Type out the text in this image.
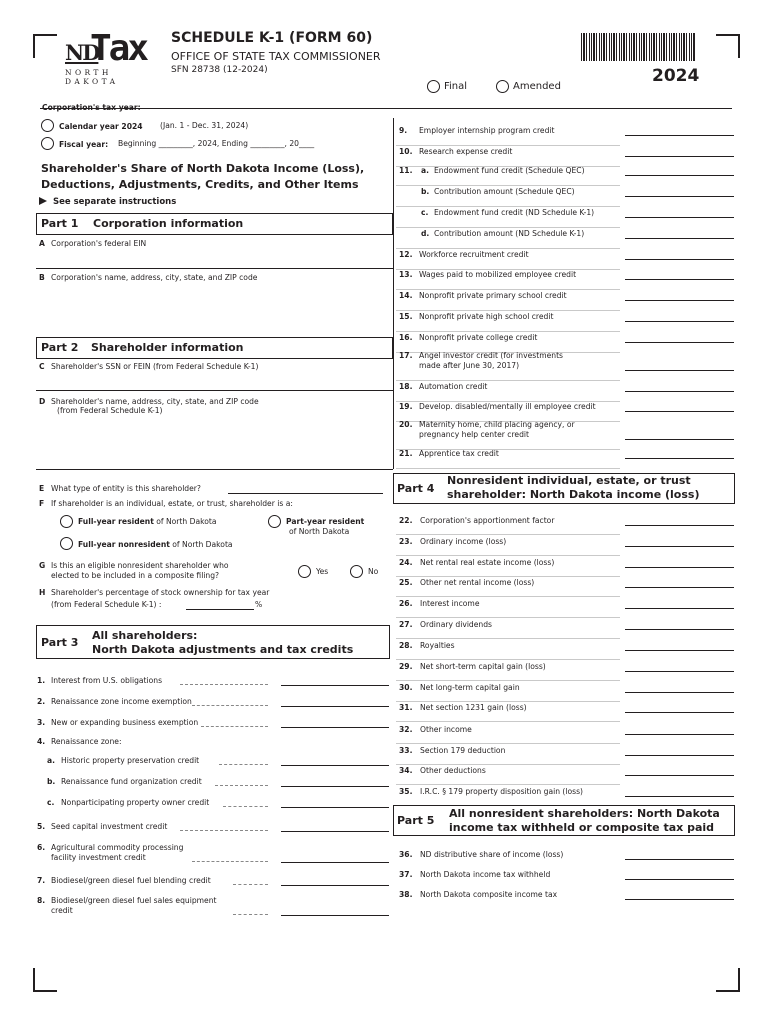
ND
Tax
NORTH DAKOTA
SCHEDULE K-1 (FORM 60)
OFFICE OF STATE TAX COMMISSIONER
SFN 28738 (12-2024)	2024
Final	Amended
Corporation's tax year:
Calendar year 2024 (Jan. 1 - Dec. 31, 2024)
Fiscal year: Beginning _________, 2024, Ending _________, 20____
Shareholder's Share of North Dakota Income (Loss),
Deductions, Adjustments, Credits, and Other Items
See separate instructions
Part 1 Corporation information
A Corporation's federal EIN
B Corporation's name, address, city, state, and ZIP code
Part 2 Shareholder information
C Shareholder's SSN or FEIN (from Federal Schedule K-1)
D Shareholder's name, address, city, state, and ZIP code
(from Federal Schedule K-1)
E What type of entity is this shareholder?
F If shareholder is an individual, estate, or trust, shareholder is a:
Full-year resident of North Dakota	Part-year resident
of North Dakota
Full-year nonresident of North Dakota
G Is this an eligible nonresident shareholder who
elected to be included in a composite filing?	Yes	No
H Shareholder's percentage of stock ownership for tax year
(from Federal Schedule K-1) :	%
Part 3
All shareholders:
North Dakota adjustments and tax credits
1. Interest from U.S. obligations
2. Renaissance zone income exemption
3. New or expanding business exemption
4. Renaissance zone:
a. Historic property preservation credit
b. Renaissance fund organization credit
c. Nonparticipating property owner credit
5. Seed capital investment credit
6. Agricultural commodity processing
facility investment credit
7. Biodiesel/green diesel fuel blending credit
8. Biodiesel/green diesel fuel sales equipment
credit
9. Employer internship program credit
10. Research expense credit
11. a. Endowment fund credit (Schedule QEC)
b. Contribution amount (Schedule QEC)
c. Endowment fund credit (ND Schedule K-1)
d. Contribution amount (ND Schedule K-1)
12. Workforce recruitment credit
13. Wages paid to mobilized employee credit
14. Nonprofit private primary school credit
15. Nonprofit private high school credit
16. Nonprofit private college credit
17. Angel investor credit (for investments
made after June 30, 2017)
18. Automation credit
19. Develop. disabled/mentally ill employee credit
20. Maternity home, child placing agency, or
pregnancy help center credit
21. Apprentice tax credit
Part 4
Nonresident individual, estate, or trust
shareholder: North Dakota income (loss)
22. Corporation's apportionment factor
23. Ordinary income (loss)
24. Net rental real estate income (loss)
25. Other net rental income (loss)
26. Interest income
27. Ordinary dividends
28. Royalties
29. Net short-term capital gain (loss)
30. Net long-term capital gain
31. Net section 1231 gain (loss)
32. Other income
33. Section 179 deduction
34. Other deductions
35. I.R.C. § 179 property disposition gain (loss)
Part 5
All nonresident shareholders: North Dakota
income tax withheld or composite tax paid
36. ND distributive share of income (loss)
37. North Dakota income tax withheld
38. North Dakota composite income tax
